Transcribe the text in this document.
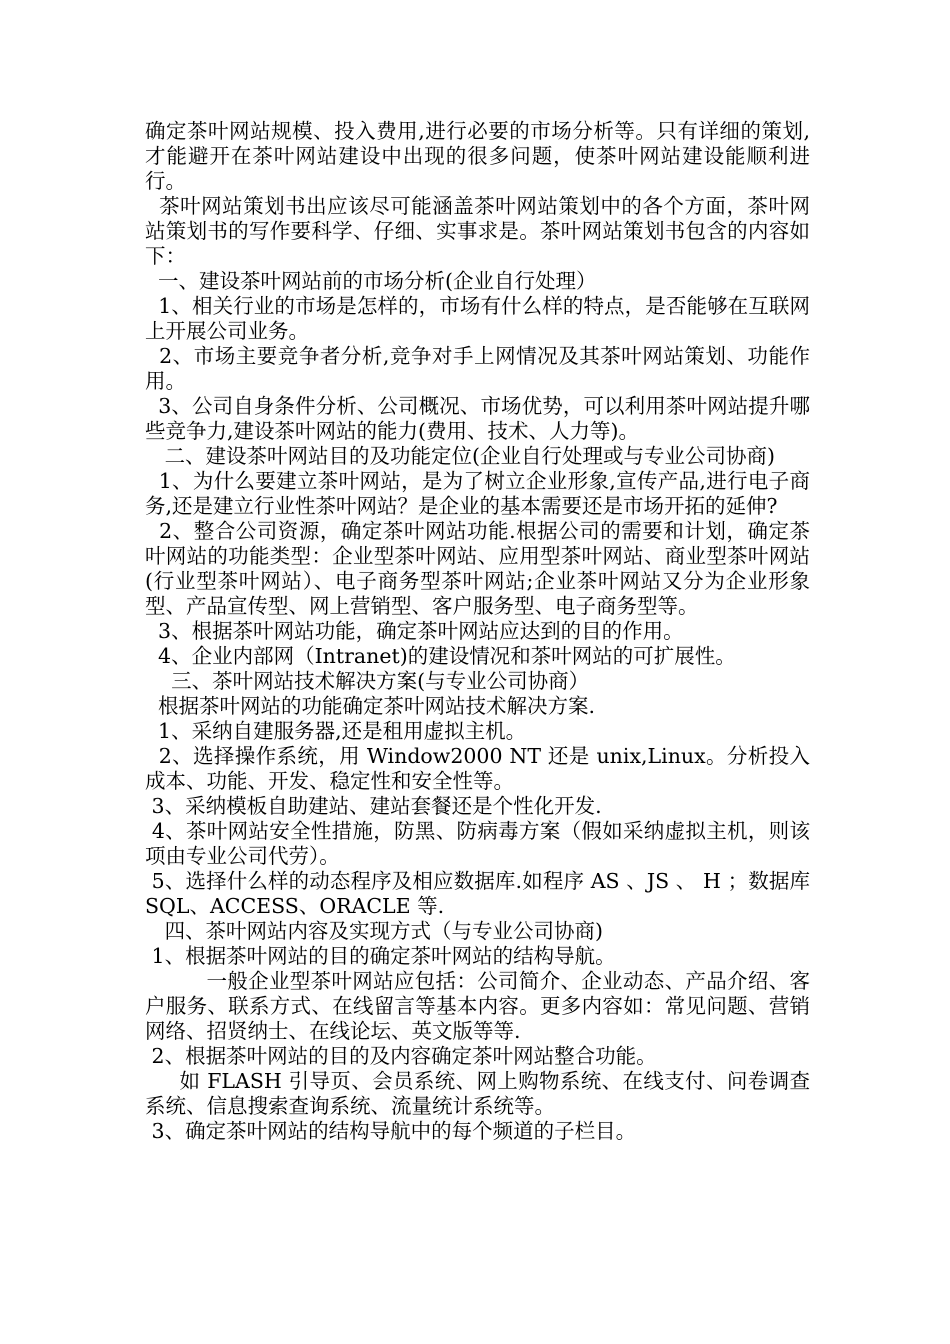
确定茶叶网站规模、投入费用,进行必要的市场分析等。只有详细的策划,才能避开在茶叶网站建设中出现的很多问题，使茶叶网站建设能顺利进行。

茶叶网站策划书出应该尽可能涵盖茶叶网站策划中的各个方面，茶叶网站策划书的写作要科学、仔细、实事求是。茶叶网站策划书包含的内容如下：

一、建设茶叶网站前的市场分析(企业自行处理）

1、相关行业的市场是怎样的，市场有什么样的特点，是否能够在互联网上开展公司业务。

2、市场主要竞争者分析,竞争对手上网情况及其茶叶网站策划、功能作用。

3、公司自身条件分析、公司概况、市场优势，可以利用茶叶网站提升哪些竞争力,建设茶叶网站的能力(费用、技术、人力等)。

二、建设茶叶网站目的及功能定位(企业自行处理或与专业公司协商)

1、为什么要建立茶叶网站，是为了树立企业形象,宣传产品,进行电子商务,还是建立行业性茶叶网站？是企业的基本需要还是市场开拓的延伸?

2、整合公司资源，确定茶叶网站功能.根据公司的需要和计划，确定茶叶网站的功能类型：企业型茶叶网站、应用型茶叶网站、商业型茶叶网站(行业型茶叶网站）、电子商务型茶叶网站;企业茶叶网站又分为企业形象型、产品宣传型、网上营销型、客户服务型、电子商务型等。

3、根据茶叶网站功能，确定茶叶网站应达到的目的作用。

4、企业内部网（Intranet)的建设情况和茶叶网站的可扩展性。

三、茶叶网站技术解决方案(与专业公司协商）

根据茶叶网站的功能确定茶叶网站技术解决方案.

1、采纳自建服务器,还是租用虚拟主机。

2、选择操作系统，用 Window2000 NT 还是 unix,Linux。分析投入成本、功能、开发、稳定性和安全性等。

3、采纳模板自助建站、建站套餐还是个性化开发.

4、茶叶网站安全性措施，防黑、防病毒方案（假如采纳虚拟主机，则该项由专业公司代劳）。

5、选择什么样的动态程序及相应数据库.如程序 AS 、JS 、 H ；数据库 SQL、ACCESS、ORACLE 等.

四、茶叶网站内容及实现方式（与专业公司协商)

1、根据茶叶网站的目的确定茶叶网站的结构导航。

一般企业型茶叶网站应包括：公司简介、企业动态、产品介绍、客户服务、联系方式、在线留言等基本内容。更多内容如：常见问题、营销网络、招贤纳士、在线论坛、英文版等等.

2、根据茶叶网站的目的及内容确定茶叶网站整合功能。

如 FLASH 引导页、会员系统、网上购物系统、在线支付、问卷调查系统、信息搜索查询系统、流量统计系统等。

3、确定茶叶网站的结构导航中的每个频道的子栏目。
